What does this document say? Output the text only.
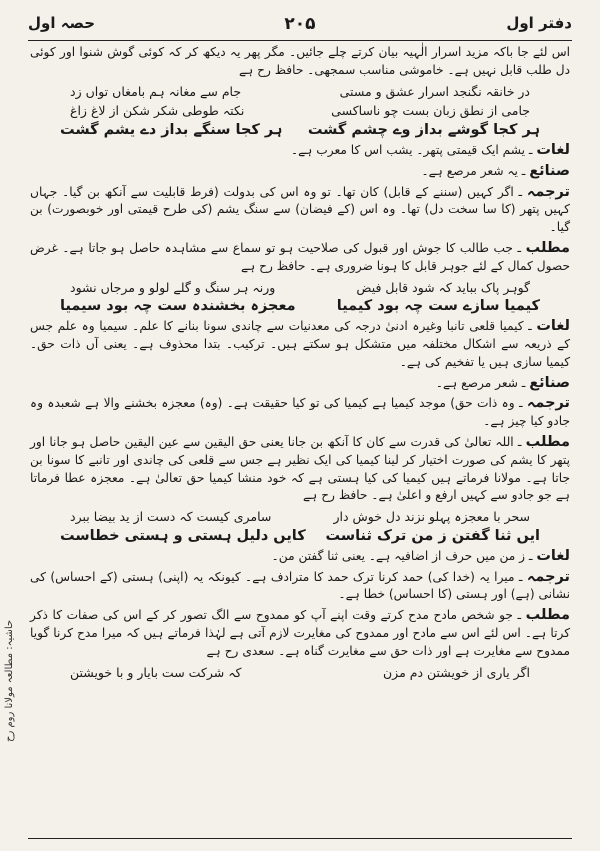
دفتر اول
۲۰۵
حصہ اول

اس لئے جا باکہ مزید اسرار الٰہیہ بیان کرتے چلے جائیں۔ مگر پھر یہ دیکھ کر کہ کوئی گوش شنوا اور کوئی دل طلب قابل نہیں ہے۔ خاموشی مناسب سمجھی۔ حافظ رح ہے

در خانقہ نگنجد اسرار عشق و مستی
جام سے مغانہ ہم بامغاں تواں زد
جامی از نطق زبان بست چو ناساکسی
نکتہ طوطی شکر شکن از لاغ زاغ
ہر کجا گوشے بداز وے چشم گشت
ہر کجا سنگے بداز دے یشم گشت

لغات ـ یشم ایک قیمتی پتھر۔ یشب اس کا معرب ہے۔

صنائع ـ یہ شعر مرصع ہے۔

ترجمہ ـ اگر کہیں (سننے کے قابل) کان تھا۔ تو وہ اس کی بدولت (فرط قابلیت سے آنکھ بن گیا۔ جہاں کہیں پتھر (کا سا سخت دل) تھا۔ وہ اس (کے فیضان) سے سنگ یشم (کی طرح قیمتی اور خوبصورت) بن گیا۔

مطلب ـ جب طالب کا جوش اور قبول کی صلاحیت ہو تو سماع سے مشاہدہ حاصل ہو جاتا ہے۔ غرض حصول کمال کے لئے جوہر قابل کا ہونا ضروری ہے۔ حافظ رح ہے

گوہر پاک بباید کہ شود قابل فیض
ورنہ ہر سنگ و گلے لولو و مرجاں نشود
کیمیا سازے ست چہ بود کیمیا
معجزہ بخشندہ ست چہ بود سیمیا

لغات ـ کیمیا قلعی تانبا وغیرہ ادنیٰ درجہ کی معدنیات سے چاندی سونا بنانے کا علم۔ سیمیا وہ علم جس کے ذریعہ سے اشکال مختلفہ میں متشکل ہو سکتے ہیں۔ ترکیب۔ بتدا محذوف ہے۔ یعنی آں ذات حق۔ کیمیا سازی ہیں یا تفخیم کی ہے۔

صنائع ـ شعر مرصع ہے۔

ترجمہ ـ وہ ذات حق) موجد کیمیا ہے کیمیا کی تو کیا حقیقت ہے۔ (وہ) معجزہ بخشنے والا ہے شعبدہ وہ جادو کیا چیز ہے۔

مطلب ـ اللہ تعالیٰ کی قدرت سے کان کا آنکھ بن جانا یعنی حق الیقین سے عین الیقین حاصل ہو جانا اور پتھر کا یشم کی صورت اختیار کر لینا کیمیا کی ایک نظیر ہے جس سے قلعی کی چاندی اور تانبے کا سونا بن جاتا ہے۔ مولانا فرماتے ہیں کیمیا کی کیا ہستی ہے کہ خود منشا کیمیا حق تعالیٰ ہے۔ معجزہ عطا فرماتا ہے جو جادو سے کہیں ارفع و اعلیٰ ہے۔ حافظ رح ہے

سحر با معجزہ پہلو نزند دل خوش دار
سامری کیست کہ دست از ید بیضا ببرد
ایں ثنا گفتن ز من ترک ثناست
کایں دلیل ہستی و ہستی خطاست

لغات ـ ز من میں حرف از اضافیہ ہے۔ یعنی ثنا گفتن من۔

ترجمہ ـ میرا یہ (خدا کی) حمد کرنا ترک حمد کا مترادف ہے۔ کیونکہ یہ (اپنی) ہستی (کے احساس) کی نشانی (ہے) اور ہستی (کا احساس) خطا ہے۔

مطلب ـ جو شخص مادح مدح کرتے وقت اپنے آپ کو ممدوح سے الگ تصور کر کے اس کی صفات کا ذکر کرتا ہے۔ اس لئے اس سے مادح اور ممدوح کی مغایرت لازم آتی ہے لہٰذا فرماتے ہیں کہ میرا مدح کرنا گویا ممدوح سے مغایرت ہے اور ذات حق سے مغایرت گناہ ہے۔ سعدی رح ہے

اگر یاری از خویشتن دم مزن
کہ شرکت ست بایار و با خویشتن
حاشیہ: مطالعہ مولانا روم رح
